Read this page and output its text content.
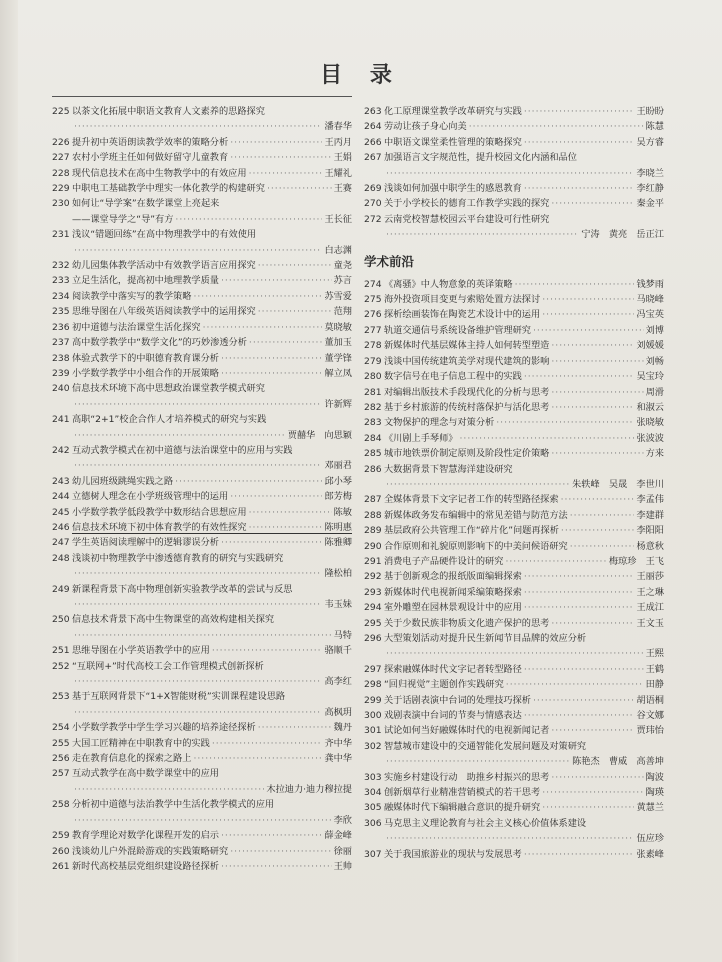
目 录
225 以茶文化拓展中职语文教育人文素养的思路探究
·····
潘春华
226 提升初中英语朗读教学效率的策略分析 ·····	王丙月
227 农村小学班主任如何做好留守儿童教育 ·····	王娟
228 现代信息技术在高中生物教学中的有效应用 ·····	王耀礼
229 中职电工基础教学中理实一体化教学的构建研究 ·····	王赛
230 如何让“导学案”在数学课堂上亮起来
——课堂导学之“导”有方 ·····	王长征
231 浅议“错题回练”在高中物理教学中的有效使用
·····
白志渊
232 幼儿园集体教学活动中有效教学语言应用探究 ·····	童尧
233 立足生活化，提高初中地理教学质量 ·····	苏言
234 阅读教学中落实写的教学策略 ·····	苏雪爱
235 思维导图在八年级英语阅读教学中的运用探究 ·····	范翔
236 初中道德与法治课堂生活化探究 ·····	莫晓敏
237 高中数学教学中“数学文化”的巧妙渗透分析 ·····	董加玉
238 体验式教学下的中职德育教育课分析 ·····	董学锋
239 小学数学教学中小组合作的开展策略 ·····	解立凤
240 信息技术环境下高中思想政治课堂教学模式研究
·····
许新辉
241 高职“2+1”校企合作人才培养模式的研究与实践
·····
贾囍华　向思颖
242 互动式教学模式在初中道德与法治课堂中的应用与实践
·····
邓丽君
243 幼儿园班级跳绳实践之路 ·····	邱小琴
244 立德树人理念在小学班级管理中的运用 ·····	郎芳梅
245 小学数学教学低段教学中数形结合思想应用 ·····	陈敏
246 信息技术环境下初中体育教学的有效性探究 ·····	陈明惠
247 学生英语阅读理解中的逻辑谬误分析 ·····	陈雅卿
248 浅谈初中物理教学中渗透德育教育的研究与实践研究
·····
隆松柏
249 新课程背景下高中物理创新实验教学改革的尝试与反思
·····
韦玉妹
250 信息技术背景下高中生物课堂的高效构建相关探究
·····
马特
251 思维导图在小学英语教学中的应用 ·····	骆顺千
252 “互联网+”时代高校工会工作管理模式创新探析
·····
高李红
253 基于互联网背景下“1+X智能财税”实训课程建设思路
·····
高枫玥
254 小学数学教学中学生学习兴趣的培养途径探析 ·····	魏丹
255 大国工匠精神在中职教育中的实践 ·····	齐中华
256 走在教育信息化的探索之路上 ·····	龚中华
257 互动式教学在高中数学课堂中的应用
·····
木拉迪力·迪力穆拉提
258 分析初中道德与法治教学中生活化教学模式的应用
·····
李欣
259 教育学理论对数学化课程开发的启示 ·····	薛金峰
260 浅谈幼儿户外混龄游戏的实践策略研究 ·····	徐丽
261 新时代高校基层党组织建设路径探析 ·····	王帅
263 化工原理课堂教学改革研究与实践 ·····	王盼盼
264 劳动让孩子身心向美 ·····	陈慧
266 中职语文课堂柔性管理的策略探究 ·····	吴方睿
267 加强语言文字规范性，提升校园文化内涵和品位
·····
李晓兰
269 浅谈如何加强中职学生的感恩教育 ·····	李红静
270 关于小学校长的德育工作教学实践的探究 ·····	秦金平
272 云南党校智慧校园云平台建设可行性研究
·····
宁涛　黄亮　岳正江
学术前沿
274 《离骚》中人物意象的英译策略 ·····	钱梦雨
275 海外投资项目变更与索赔处置方法探讨 ·····	马晓峰
276 探析绘画装饰在陶瓷艺术设计中的运用 ·····	冯宝英
277 轨道交通信号系统设备维护管理研究 ·····	刘博
278 新媒体时代基层媒体主持人如何转型塑造 ·····	刘媛媛
279 浅谈中国传统建筑美学对现代建筑的影响 ·····	刘畅
280 数字信号在电子信息工程中的实践 ·····	吴宝玲
281 对编辑出版技术手段现代化的分析与思考 ·····	周滑
282 基于乡村旅游的传统村落保护与活化思考 ·····	和淑云
283 文物保护的理念与对策分析 ·····	张晓敏
284 《川剧上手琴师》 ·····	张波波
285 城市地铁票价制定原则及阶段性定价策略 ·····	方来
286 大数据背景下智慧海洋建设研究
·····
朱轶峰　吴晟　李世川
287 全媒体背景下文字记者工作的转型路径探索 ·····	李孟伟
288 新媒体政务发布编辑中的常见差错与防范方法 ·····	李建群
289 基层政府公共管理工作“碎片化”问题再探析 ·····	李阳阳
290 合作原则和礼貌原则影响下的中美问候语研究 ·····	杨意秋
291 消费电子产品硬件设计的研究 ·····	梅琼珍　王飞
292 基于创新观念的报纸版面编辑探索 ·····	王丽莎
293 新媒体时代电视新闻采编策略探索 ·····	王之琳
294 室外雕塑在园林景观设计中的应用 ·····	王成江
295 关于少数民族非物质文化遗产保护的思考 ·····	王文玉
296 大型策划活动对提升民生新闻节目品牌的效应分析
·····
王熙
297 探索融媒体时代文字记者转型路径 ·····	王鹤
298 “回归视觉”主题创作实践研究 ·····	田静
299 关于话剧表演中台词的处理技巧探析 ·····	胡语桐
300 戏剧表演中台词的节奏与情感表达 ·····	谷文娜
301 试论如何当好融媒体时代的电视新闻记者 ·····	贾玮怡
302 智慧城市建设中的交通智能化发展问题及对策研究
·····
陈艳杰　曹威　高善坤
303 实施乡村建设行动　助推乡村振兴的思考 ·····	陶波
304 创新烟草行业精准营销模式的若干思考 ·····	陶瑛
305 融媒体时代下编辑融合意识的提升研究 ·····	黄慧兰
306 马克思主义理论教育与社会主义核心价值体系建设
·····
伍应珍
307 关于我国旅游业的现状与发展思考 ·····	张素峰
